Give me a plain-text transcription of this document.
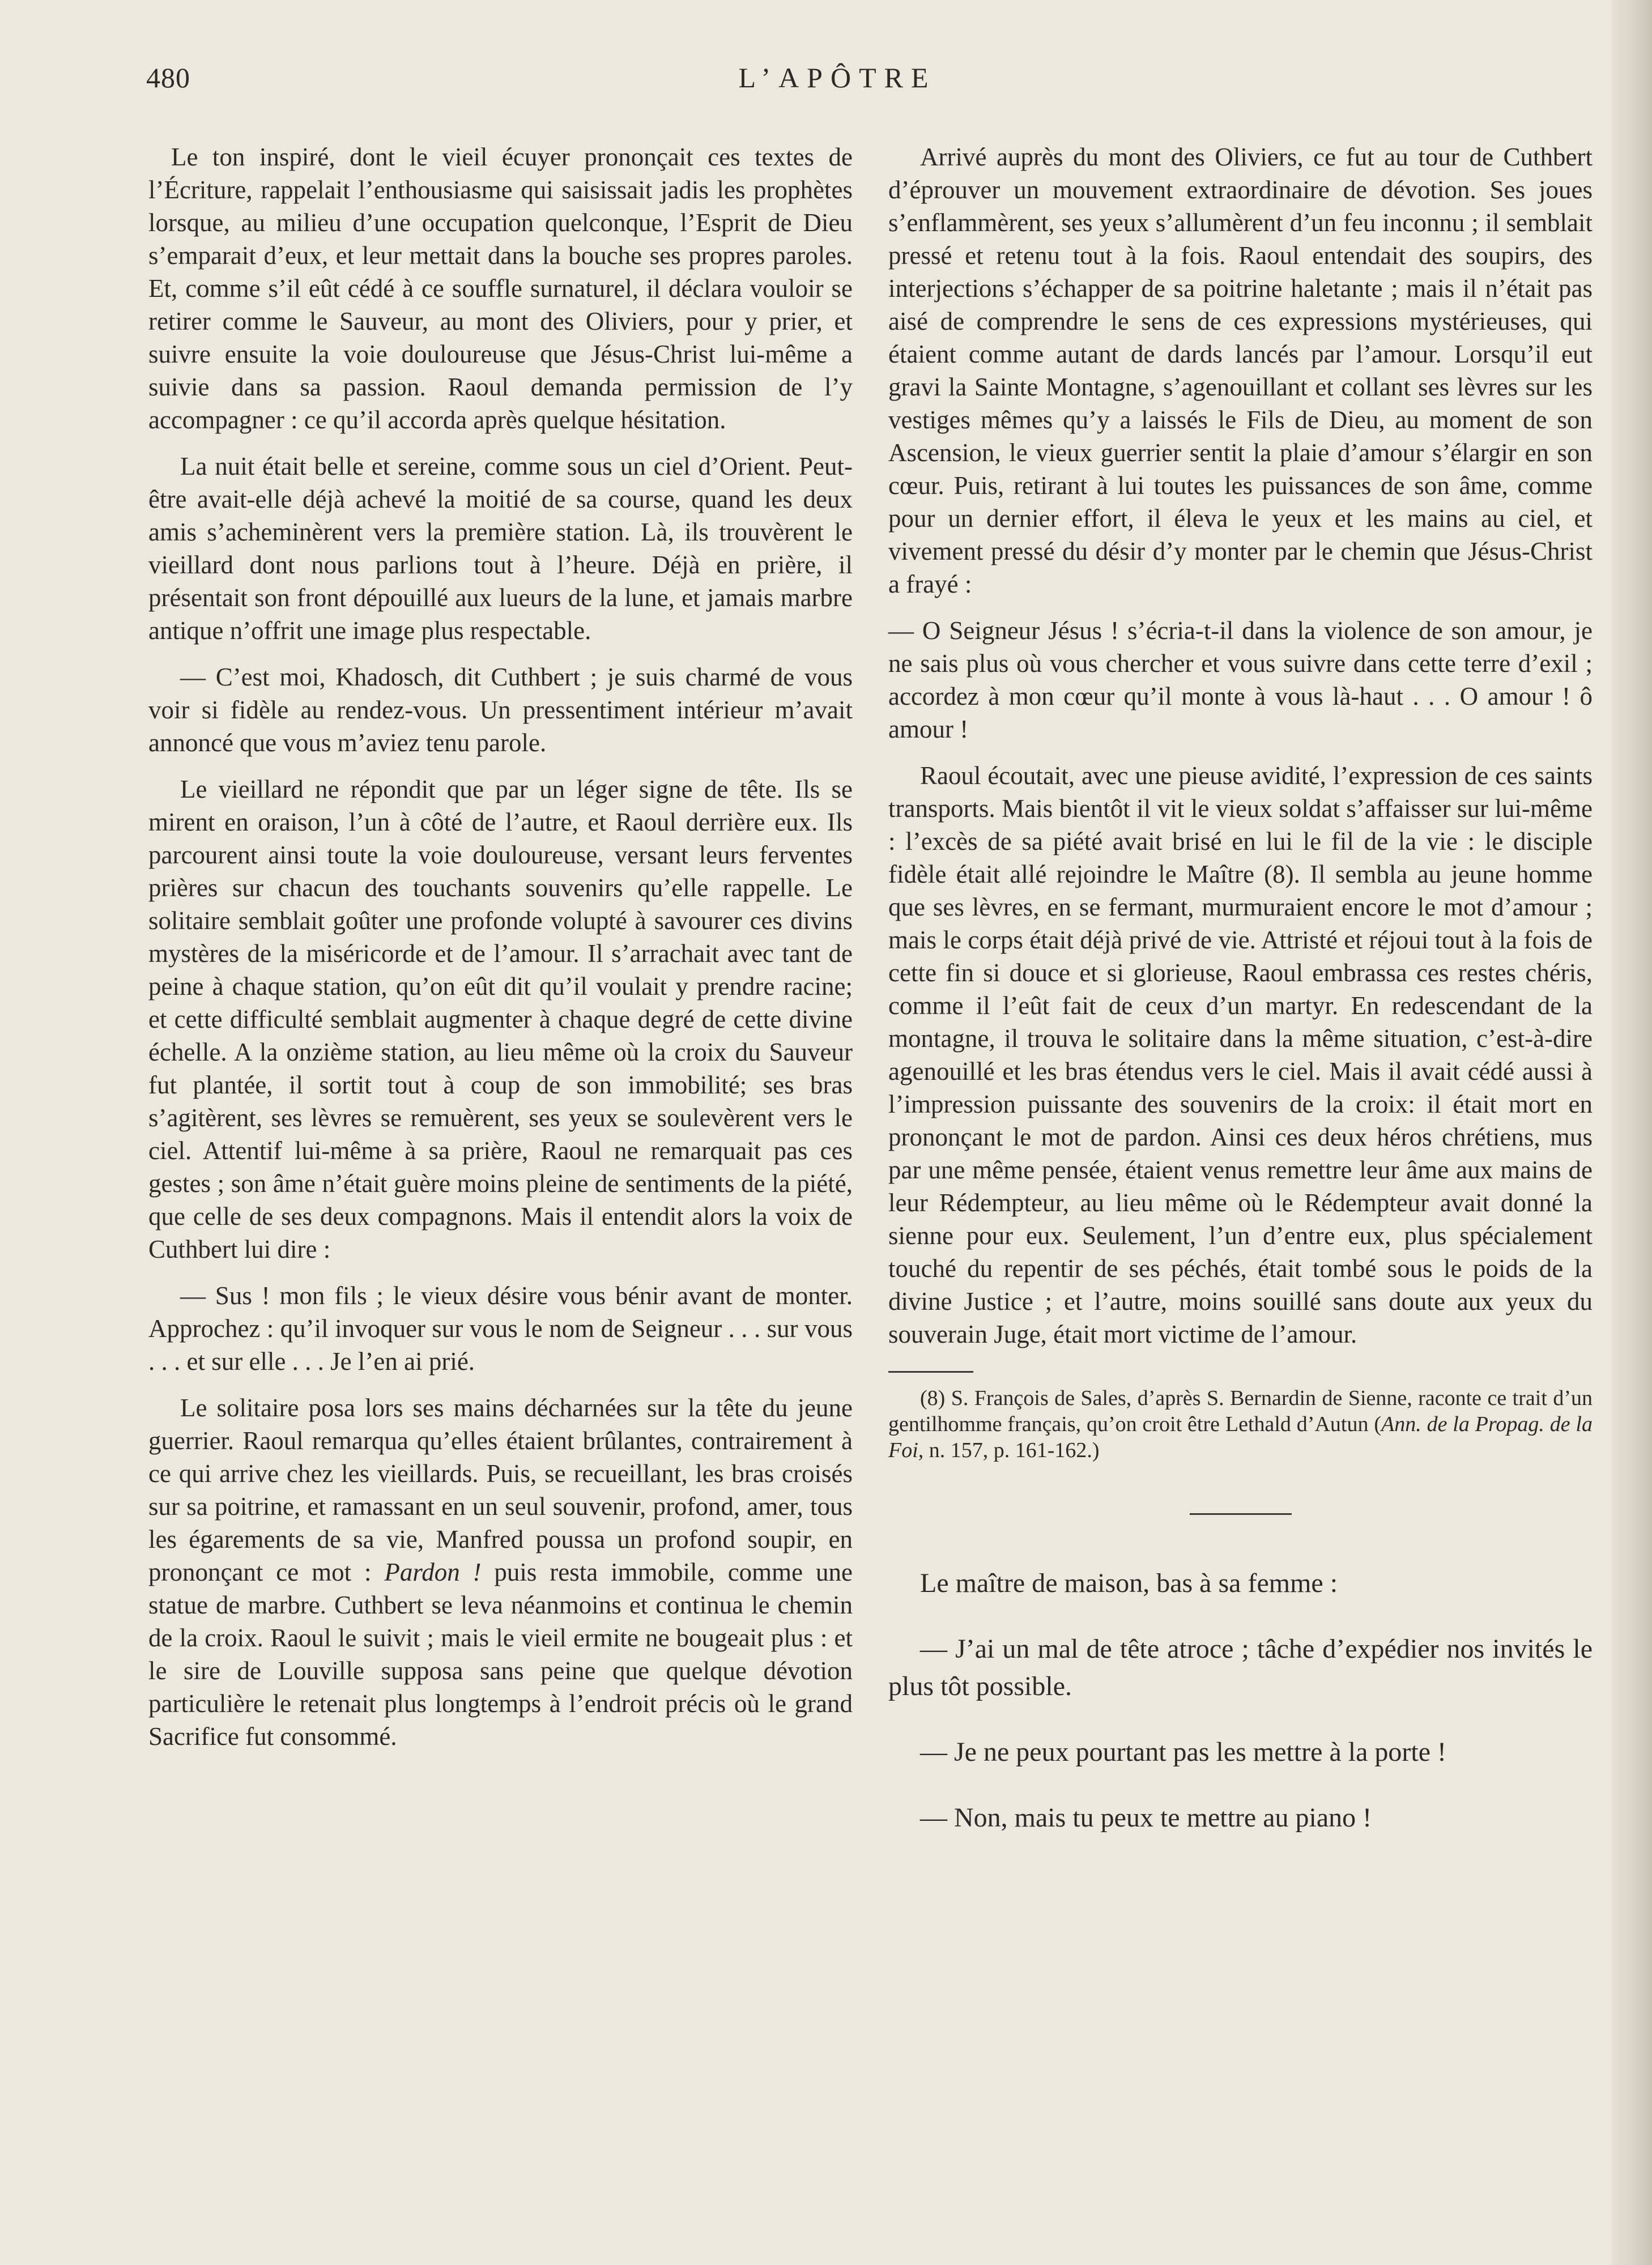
480	L’APÔTRE

Le ton inspiré, dont le vieil écuyer prononçait ces textes de l’Écriture, rappelait l’enthousiasme qui saisissait jadis les prophètes lorsque, au milieu d’une occupation quelconque, l’Esprit de Dieu s’emparait d’eux, et leur mettait dans la bouche ses propres paroles. Et, comme s’il eût cédé à ce souffle surnaturel, il déclara vouloir se retirer comme le Sauveur, au mont des Oliviers, pour y prier, et suivre ensuite la voie douloureuse que Jésus-Christ lui-même a suivie dans sa passion. Raoul demanda permission de l’y accompagner : ce qu’il accorda après quelque hésitation.

La nuit était belle et sereine, comme sous un ciel d’Orient. Peut-être avait-elle déjà achevé la moitié de sa course, quand les deux amis s’acheminèrent vers la première station. Là, ils trouvèrent le vieillard dont nous parlions tout à l’heure. Déjà en prière, il présentait son front dépouillé aux lueurs de la lune, et jamais marbre antique n’offrit une image plus respectable.

— C’est moi, Khadosch, dit Cuthbert ; je suis charmé de vous voir si fidèle au rendez-vous. Un pressentiment intérieur m’avait annoncé que vous m’aviez tenu parole.

Le vieillard ne répondit que par un léger signe de tête. Ils se mirent en oraison, l’un à côté de l’autre, et Raoul derrière eux. Ils parcourent ainsi toute la voie douloureuse, versant leurs ferventes prières sur chacun des touchants souvenirs qu’elle rappelle. Le solitaire semblait goûter une profonde volupté à savourer ces divins mystères de la miséricorde et de l’amour. Il s’arrachait avec tant de peine à chaque station, qu’on eût dit qu’il voulait y prendre racine; et cette difficulté semblait augmenter à chaque degré de cette divine échelle. A la onzième station, au lieu même où la croix du Sauveur fut plantée, il sortit tout à coup de son immobilité; ses bras s’agitèrent, ses lèvres se remuèrent, ses yeux se soulevèrent vers le ciel. Attentif lui-même à sa prière, Raoul ne remarquait pas ces gestes ; son âme n’était guère moins pleine de sentiments de la piété, que celle de ses deux compagnons. Mais il entendit alors la voix de Cuthbert lui dire :

— Sus ! mon fils ; le vieux désire vous bénir avant de monter. Approchez : qu’il invoquer sur vous le nom de Seigneur . . . sur vous . . . et sur elle . . . Je l’en ai prié.

Le solitaire posa lors ses mains décharnées sur la tête du jeune guerrier. Raoul remarqua qu’elles étaient brûlantes, contrairement à ce qui arrive chez les vieillards. Puis, se recueillant, les bras croisés sur sa poitrine, et ramassant en un seul souvenir, profond, amer, tous les égarements de sa vie, Manfred poussa un profond soupir, en prononçant ce mot : Pardon ! puis resta immobile, comme une statue de marbre. Cuthbert se leva néanmoins et continua le chemin de la croix. Raoul le suivit ; mais le vieil ermite ne bougeait plus : et le sire de Louville supposa sans peine que quelque dévotion particulière le retenait plus longtemps à l’endroit précis où le grand Sacrifice fut consommé.

Arrivé auprès du mont des Oliviers, ce fut au tour de Cuthbert d’éprouver un mouvement extraordinaire de dévotion. Ses joues s’enflammèrent, ses yeux s’allumèrent d’un feu inconnu ; il semblait pressé et retenu tout à la fois. Raoul entendait des soupirs, des interjections s’échapper de sa poitrine haletante ; mais il n’était pas aisé de comprendre le sens de ces expressions mystérieuses, qui étaient comme autant de dards lancés par l’amour. Lorsqu’il eut gravi la Sainte Montagne, s’agenouillant et collant ses lèvres sur les vestiges mêmes qu’y a laissés le Fils de Dieu, au moment de son Ascension, le vieux guerrier sentit la plaie d’amour s’élargir en son cœur. Puis, retirant à lui toutes les puissances de son âme, comme pour un dernier effort, il éleva le yeux et les mains au ciel, et vivement pressé du désir d’y monter par le chemin que Jésus-Christ a frayé :

— O Seigneur Jésus ! s’écria-t-il dans la violence de son amour, je ne sais plus où vous chercher et vous suivre dans cette terre d’exil ; accordez à mon cœur qu’il monte à vous là-haut . . . O amour ! ô amour !

Raoul écoutait, avec une pieuse avidité, l’expression de ces saints transports. Mais bientôt il vit le vieux soldat s’affaisser sur lui-même : l’excès de sa piété avait brisé en lui le fil de la vie : le disciple fidèle était allé rejoindre le Maître (8). Il sembla au jeune homme que ses lèvres, en se fermant, murmuraient encore le mot d’amour ; mais le corps était déjà privé de vie. Attristé et réjoui tout à la fois de cette fin si douce et si glorieuse, Raoul embrassa ces restes chéris, comme il l’eût fait de ceux d’un martyr. En redescendant de la montagne, il trouva le solitaire dans la même situation, c’est-à-dire agenouillé et les bras étendus vers le ciel. Mais il avait cédé aussi à l’impression puissante des souvenirs de la croix: il était mort en prononçant le mot de pardon. Ainsi ces deux héros chrétiens, mus par une même pensée, étaient venus remettre leur âme aux mains de leur Rédempteur, au lieu même où le Rédempteur avait donné la sienne pour eux. Seulement, l’un d’entre eux, plus spécialement touché du repentir de ses péchés, était tombé sous le poids de la divine Justice ; et l’autre, moins souillé sans doute aux yeux du souverain Juge, était mort victime de l’amour.

(8) S. François de Sales, d’après S. Bernardin de Sienne, raconte ce trait d’un gentilhomme français, qu’on croit être Lethald d’Autun (Ann. de la Propag. de la Foi, n. 157, p. 161-162.)

Le maître de maison, bas à sa femme :

— J’ai un mal de tête atroce ; tâche d’expédier nos invités le plus tôt possible.

— Je ne peux pourtant pas les mettre à la porte !

— Non, mais tu peux te mettre au piano !
